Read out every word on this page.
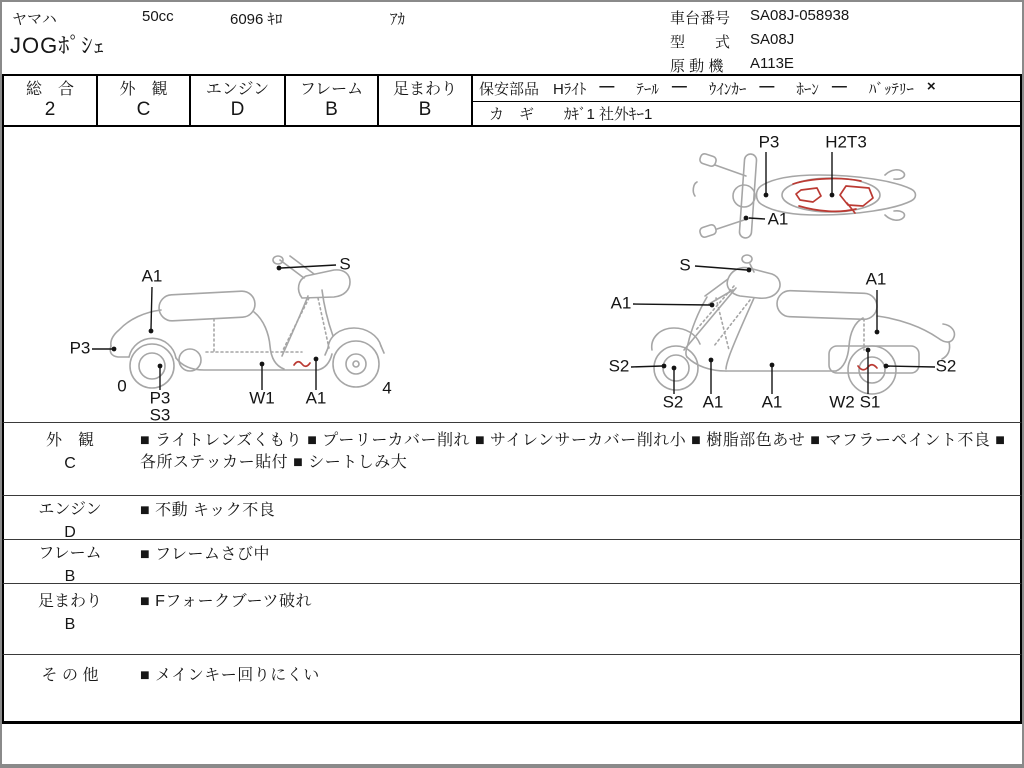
ヤマハ	50cc	6096 ｷﾛ	ｱｶ
JOGﾎﾟｼｪ
車台番号	SA08J-058938
型　　式	SA08J
原 動 機	A113E
総　合
2
外　観
C
エンジン
D
フレーム
B
足まわり
B
保安部品 Hﾗｲﾄ — ﾃｰﾙ — ｳｲﾝｶｰ — ﾎｰﾝ — ﾊﾞｯﾃﾘｰ ×
カ　ギ ｶｷﾞ1 社外ｷｰ1
P3	H2T3
A1
A1
S
P3
0
P3
S3
W1 A1
4
S
A1
A1
S2
S2 A1 A1	W2 S1
S2
外　観
C
■ ライトレンズくもり ■ プーリーカバー削れ ■ サイレンサーカバー削れ小 ■ 樹脂部色あせ ■ マフラーペイント不良 ■ 各所ステッカー貼付 ■ シートしみ大
エンジン
D
■ 不動 キック不良
フレーム
B
■ フレームさび中
足まわり
B
■ Fフォークブーツ破れ
そ の 他	■ メインキー回りにくい
